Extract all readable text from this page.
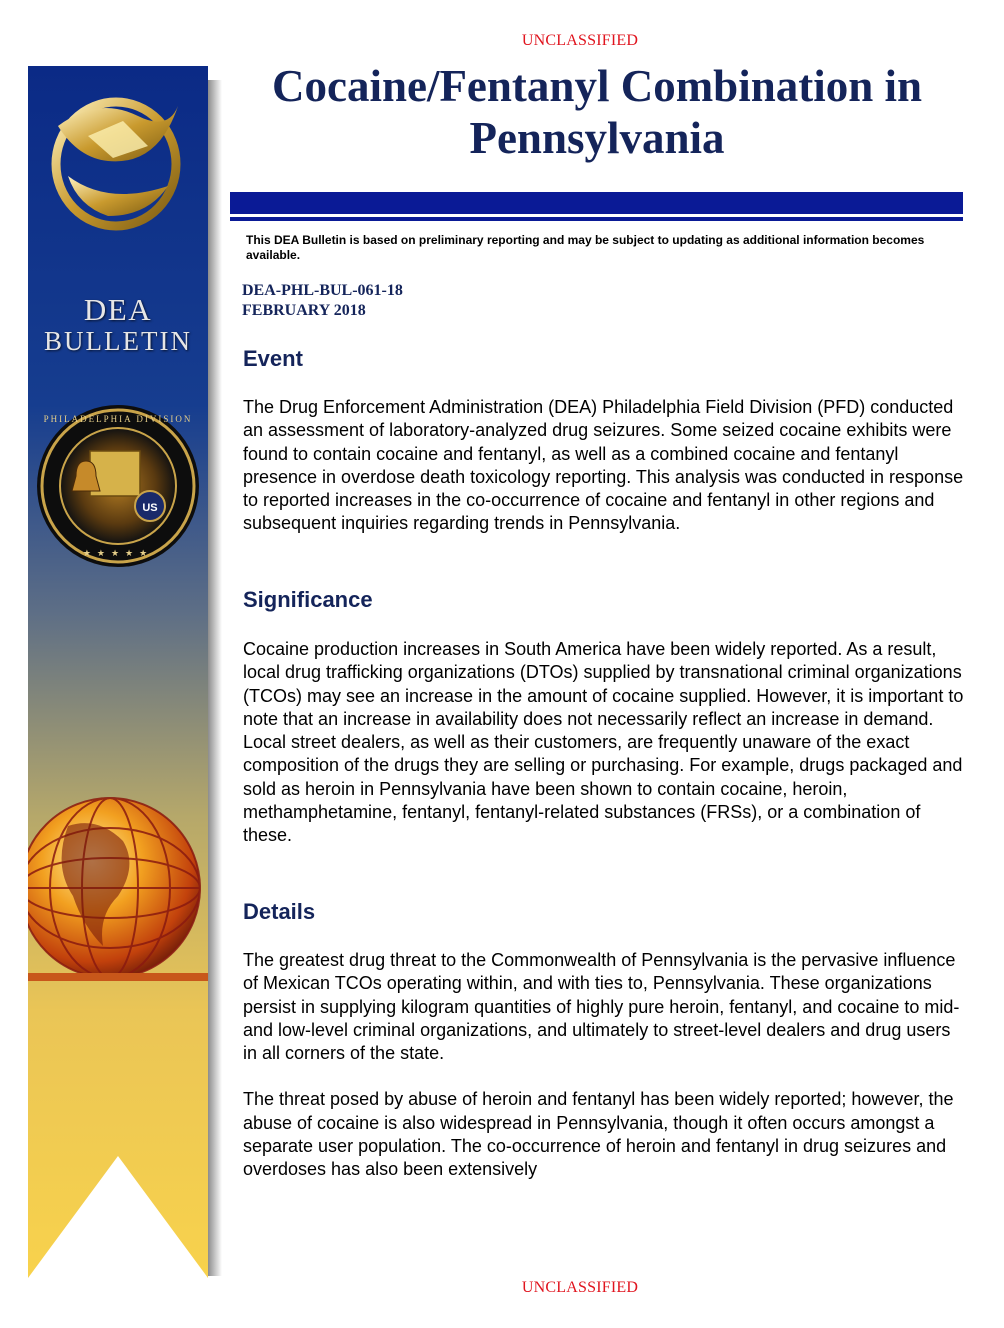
UNCLASSIFIED
US
PHILADELPHIA DIVISION
★★★★★
DEA
BULLETIN
Cocaine/Fentanyl Combination in
Pennsylvania
This DEA Bulletin is based on preliminary reporting and may be subject to updating as additional information becomes available.
DEA-PHL-BUL-061-18
FEBRUARY 2018
Event

The Drug Enforcement Administration (DEA) Philadelphia Field Division (PFD) conducted an assessment of laboratory-analyzed drug seizures. Some seized cocaine exhibits were found to contain cocaine and fentanyl, as well as a combined cocaine and fentanyl presence in overdose death toxicology reporting. This analysis was conducted in response to reported increases in the co-occurrence of cocaine and fentanyl in other regions and subsequent inquiries regarding trends in Pennsylvania.

Significance

Cocaine production increases in South America have been widely reported. As a result, local drug trafficking organizations (DTOs) supplied by transnational criminal organizations (TCOs) may see an increase in the amount of cocaine supplied. However, it is important to note that an increase in availability does not necessarily reflect an increase in demand. Local street dealers, as well as their customers, are frequently unaware of the exact composition of the drugs they are selling or purchasing. For example, drugs packaged and sold as heroin in Pennsylvania have been shown to contain cocaine, heroin, methamphetamine, fentanyl, fentanyl-related substances (FRSs), or a combination of these.

Details

The greatest drug threat to the Commonwealth of Pennsylvania is the pervasive influence of Mexican TCOs operating within, and with ties to, Pennsylvania. These organizations persist in supplying kilogram quantities of highly pure heroin, fentanyl, and cocaine to mid- and low-level criminal organizations, and ultimately to street-level dealers and drug users in all corners of the state.

The threat posed by abuse of heroin and fentanyl has been widely reported; however, the abuse of cocaine is also widespread in Pennsylvania, though it often occurs amongst a separate user population. The co-occurrence of heroin and fentanyl in drug seizures and overdoses has also been extensively

UNCLASSIFIED
